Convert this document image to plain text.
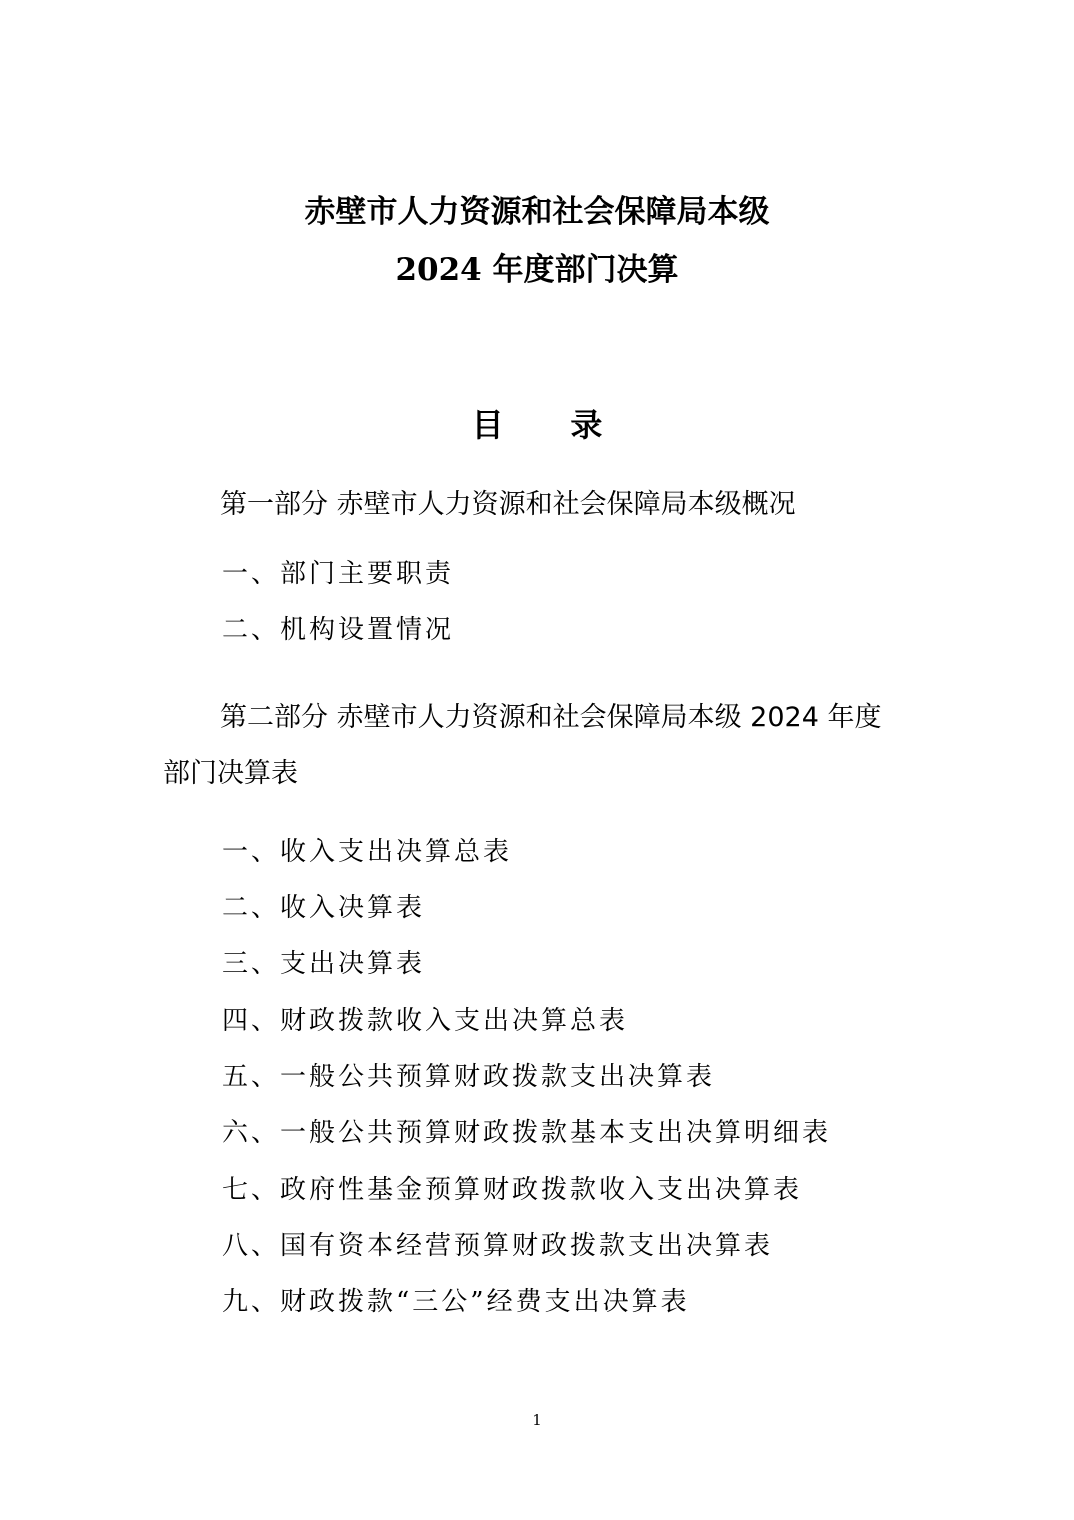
赤壁市人力资源和社会保障局本级
2024 年度部门决算
目      录
第一部分 赤壁市人力资源和社会保障局本级概况
一、部门主要职责
二、机构设置情况
第二部分 赤壁市人力资源和社会保障局本级 2024 年度
部门决算表
一、收入支出决算总表
二、收入决算表
三、支出决算表
四、财政拨款收入支出决算总表
五、一般公共预算财政拨款支出决算表
六、一般公共预算财政拨款基本支出决算明细表
七、政府性基金预算财政拨款收入支出决算表
八、国有资本经营预算财政拨款支出决算表
九、财政拨款“三公”经费支出决算表
1
